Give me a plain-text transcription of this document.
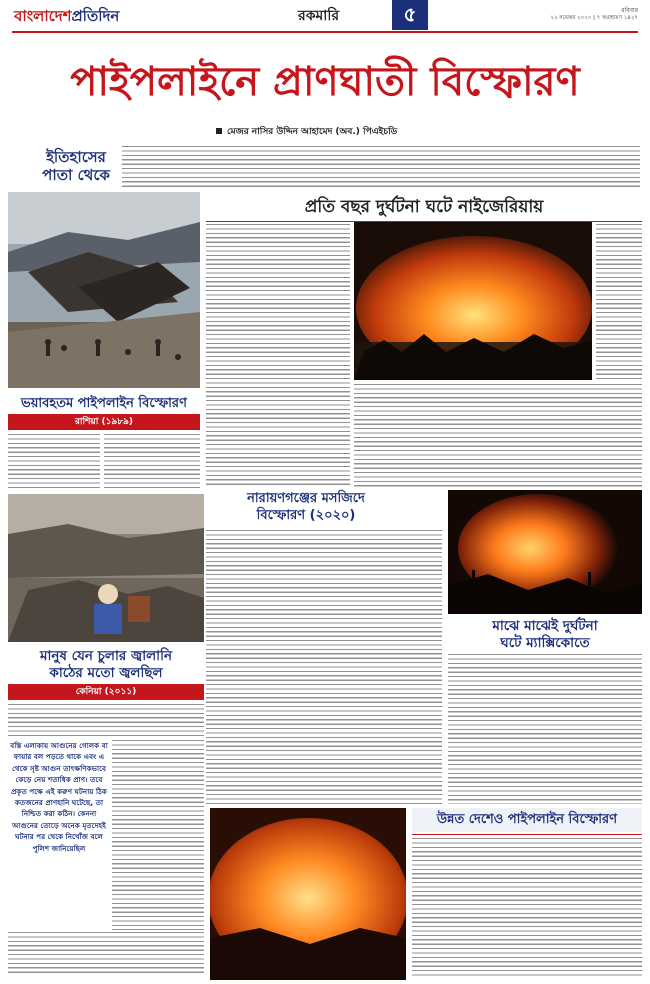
বাংলাদেশপ্রতিদিন	রকমারি	৫	রবিবার
২২ নভেম্বর ২০২০ | ৭ অগ্রহায়ণ ১৪২৭
পাইপলাইনে প্রাণঘাতী বিস্ফোরণ
মেজর নাসির উদ্দিন আহামেদ (অব.) পিএইচডি
ইতিহাসের
পাতা থেকে
প্রতি বছর দুর্ঘটনা ঘটে নাইজেরিয়ায়
ভয়াবহতম পাইপলাইন বিস্ফোরণ
রাশিয়া (১৯৮৯)
নারায়ণগঞ্জের মসজিদে
বিস্ফোরণ (২০২০)
মানুষ যেন চুলার জ্বালানি
কাঠের মতো জ্বলছিল
কেনিয়া (২০১১)
বস্তি এলাকায় আগুনের গোলক বা ফায়ার বল পড়তে থাকে এবং এ থেকে সৃষ্ট আগুন তাৎক্ষণিকভাবে কেড়ে নেয় শতাধিক প্রাণ। তবে প্রকৃত পক্ষে এই করুণ ঘটনায় ঠিক কতজনের প্রাণহানি ঘটেছে, তা নিশ্চিত করা কঠিন। কেননা আগুনের তোড়ে অনেক মৃতদেহই ঘটনার পর থেকে নিখোঁজ বলে পুলিশ জানিয়েছিল
মাঝে মাঝেই দুর্ঘটনা
ঘটে ম্যাক্সিকোতে
উন্নত দেশেও পাইপলাইন বিস্ফোরণ
